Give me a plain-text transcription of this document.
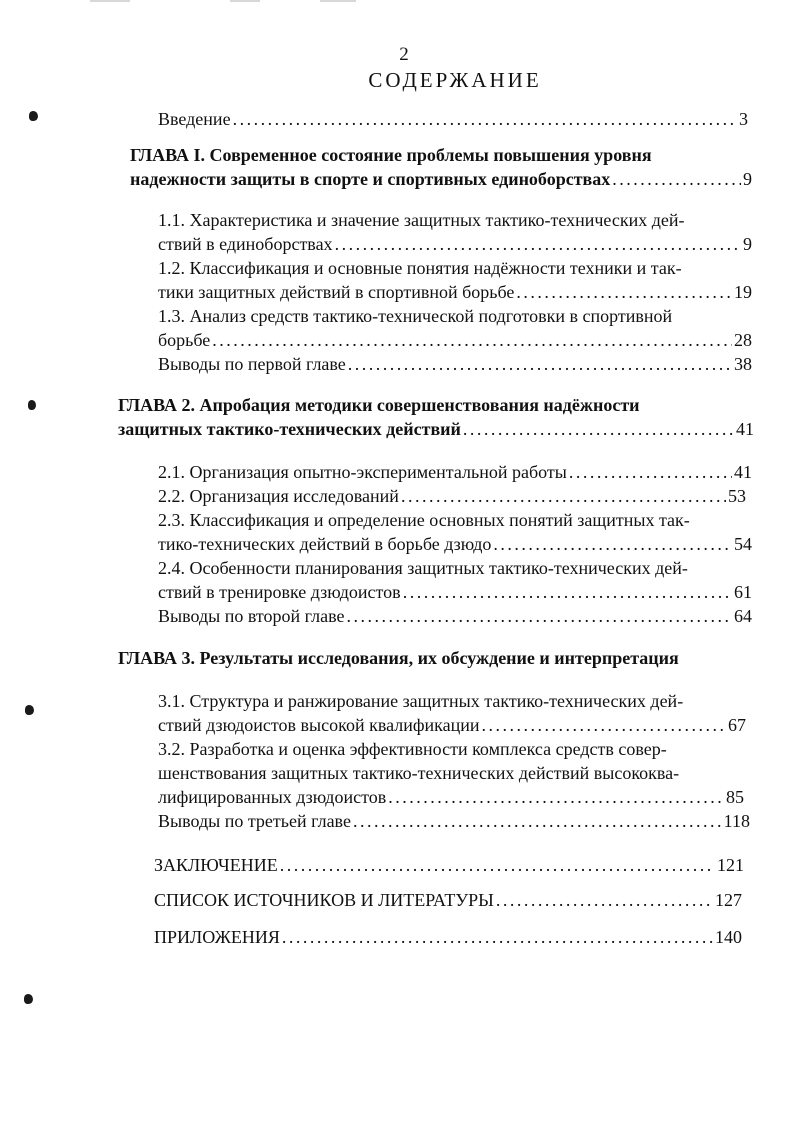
2
СОДЕРЖАНИЕ
Введение . . .	3
ГЛАВА I. Современное состояние проблемы повышения уровня
надежности защиты в спорте и спортивных единоборствах . . .	9
1.1. Характеристика и значение защитных тактико-технических дей-
ствий в единоборствах . . .	9
1.2. Классификация и основные понятия надёжности техники и так-
тики защитных действий в спортивной борьбе . . .	19
1.3. Анализ средств тактико-технической подготовки в спортивной
борьбе . . .	28
Выводы по первой главе . . .	38
ГЛАВА 2. Апробация методики совершенствования надёжности
защитных тактико-технических действий . . .	41
2.1. Организация опытно-экспериментальной работы . . .	41
2.2. Организация исследований . . .	53
2.3. Классификация и определение основных понятий защитных так-
тико-технических действий в борьбе дзюдо . . .	54
2.4. Особенности планирования защитных тактико-технических дей-
ствий в тренировке дзюдоистов . . .	61
Выводы по второй главе . . .	64
ГЛАВА 3. Результаты исследования, их обсуждение и интерпретация
3.1. Структура и ранжирование защитных тактико-технических дей-
ствий дзюдоистов высокой квалификации . . .	67
3.2. Разработка и оценка эффективности комплекса средств совер-
шенствования защитных тактико-технических действий высококва-
лифицированных дзюдоистов . . .	85
Выводы по третьей главе . . .	118
ЗАКЛЮЧЕНИЕ . . .	121
СПИСОК ИСТОЧНИКОВ И ЛИТЕРАТУРЫ . . .	127
ПРИЛОЖЕНИЯ . . .	140
